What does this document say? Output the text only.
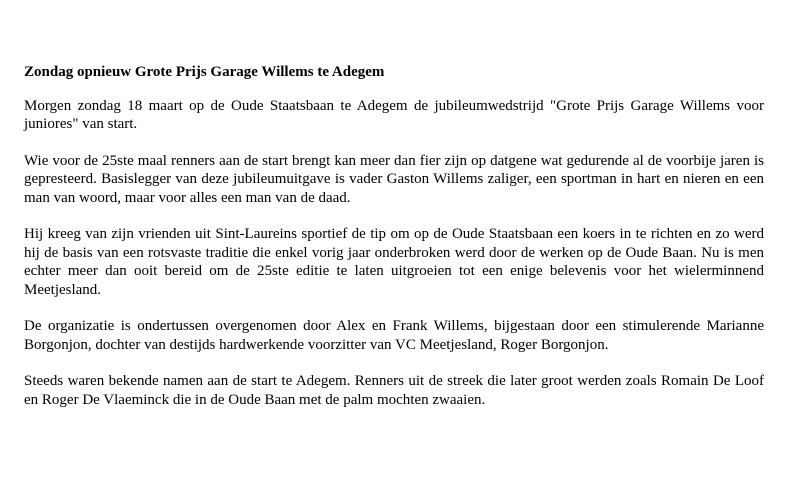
Zondag opnieuw Grote Prijs Garage Willems te Adegem

Morgen zondag 18 maart op de Oude Staatsbaan te Adegem de jubileumwedstrijd "Grote Prijs Garage Willems voor juniores" van start.

Wie voor de 25ste maal renners aan de start brengt kan meer dan fier zijn op datgene wat gedurende al de voorbije jaren is gepresteerd. Basislegger van deze jubileumuitgave is vader Gaston Willems zaliger, een sportman in hart en nieren en een man van woord, maar voor alles een man van de daad.

Hij kreeg van zijn vrienden uit Sint-Laureins sportief de tip om op de Oude Staatsbaan een koers in te richten en zo werd hij de basis van een rotsvaste traditie die enkel vorig jaar onderbroken werd door de werken op de Oude Baan. Nu is men echter meer dan ooit bereid om de 25ste editie te laten uitgroeien tot een enige belevenis voor het wielerminnend Meetjesland.

De organizatie is ondertussen overgenomen door Alex en Frank Willems, bijgestaan door een stimulerende Marianne Borgonjon, dochter van destijds hardwerkende voorzitter van VC Meetjesland, Roger Borgonjon.

Steeds waren bekende namen aan de start te Adegem. Renners uit de streek die later groot werden zoals Romain De Loof en Roger De Vlaeminck die in de Oude Baan met de palm mochten zwaaien.
